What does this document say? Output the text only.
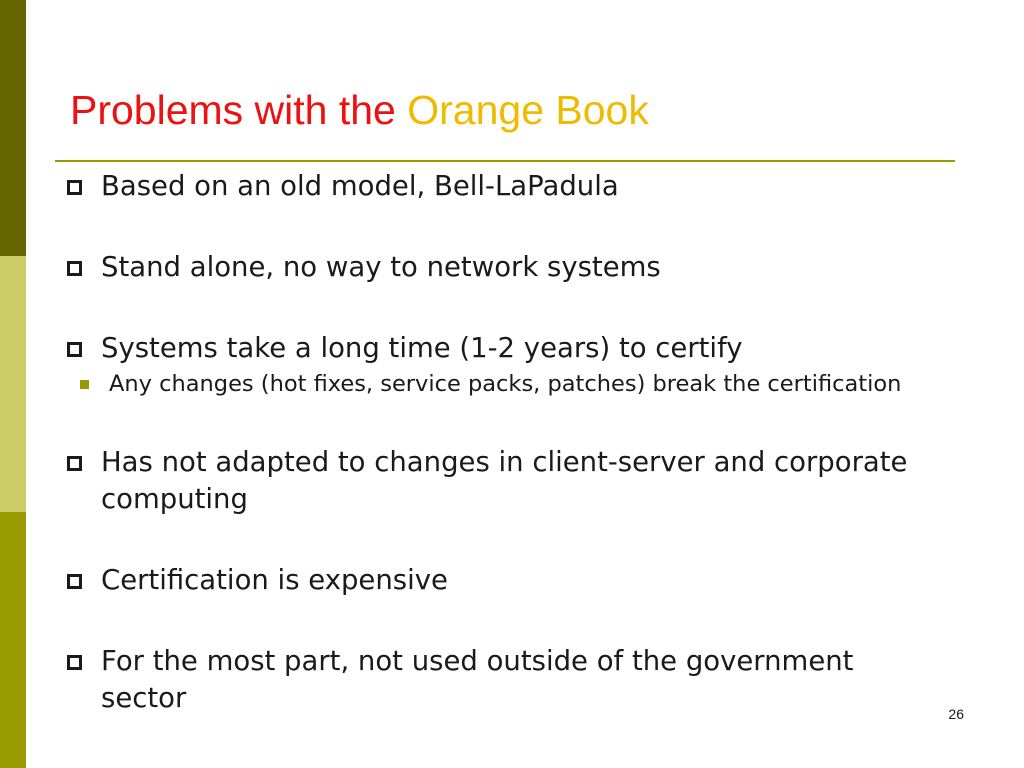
Problems with the Orange Book
Based on an old model, Bell-LaPadula
Stand alone, no way to network systems
Systems take a long time (1-2 years) to certify
Any changes (hot fixes, service packs, patches) break the certification
Has not adapted to changes in client-server and corporate computing
Certification is expensive
For the most part, not used outside of the government sector	26
